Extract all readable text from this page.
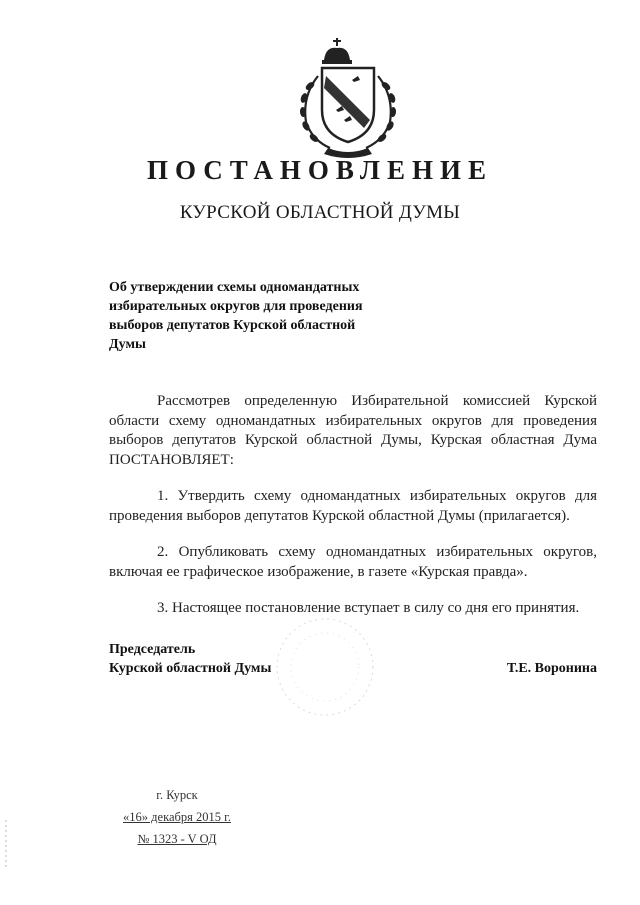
ПОСТАНОВЛЕНИЕ
КУРСКОЙ ОБЛАСТНОЙ ДУМЫ
Об утверждении схемы одномандатных
избирательных округов для проведения
выборов депутатов Курской областной
Думы

Рассмотрев определенную Избирательной комиссией Курской области схему одномандатных избирательных округов для проведения выборов депутатов Курской областной Думы, Курская областная Дума ПОСТАНОВЛЯЕТ:

1. Утвердить схему одномандатных избирательных округов для проведения выборов депутатов Курской областной Думы (прилагается).

2. Опубликовать схему одномандатных избирательных округов, включая ее графическое изображение, в газете «Курская правда».

3. Настоящее постановление вступает в силу со дня его принятия.

Председатель
Курской областной Думы	Т.Е. Воронина
г. Курск
«16» декабря 2015 г.
№ 1323 - V ОД
